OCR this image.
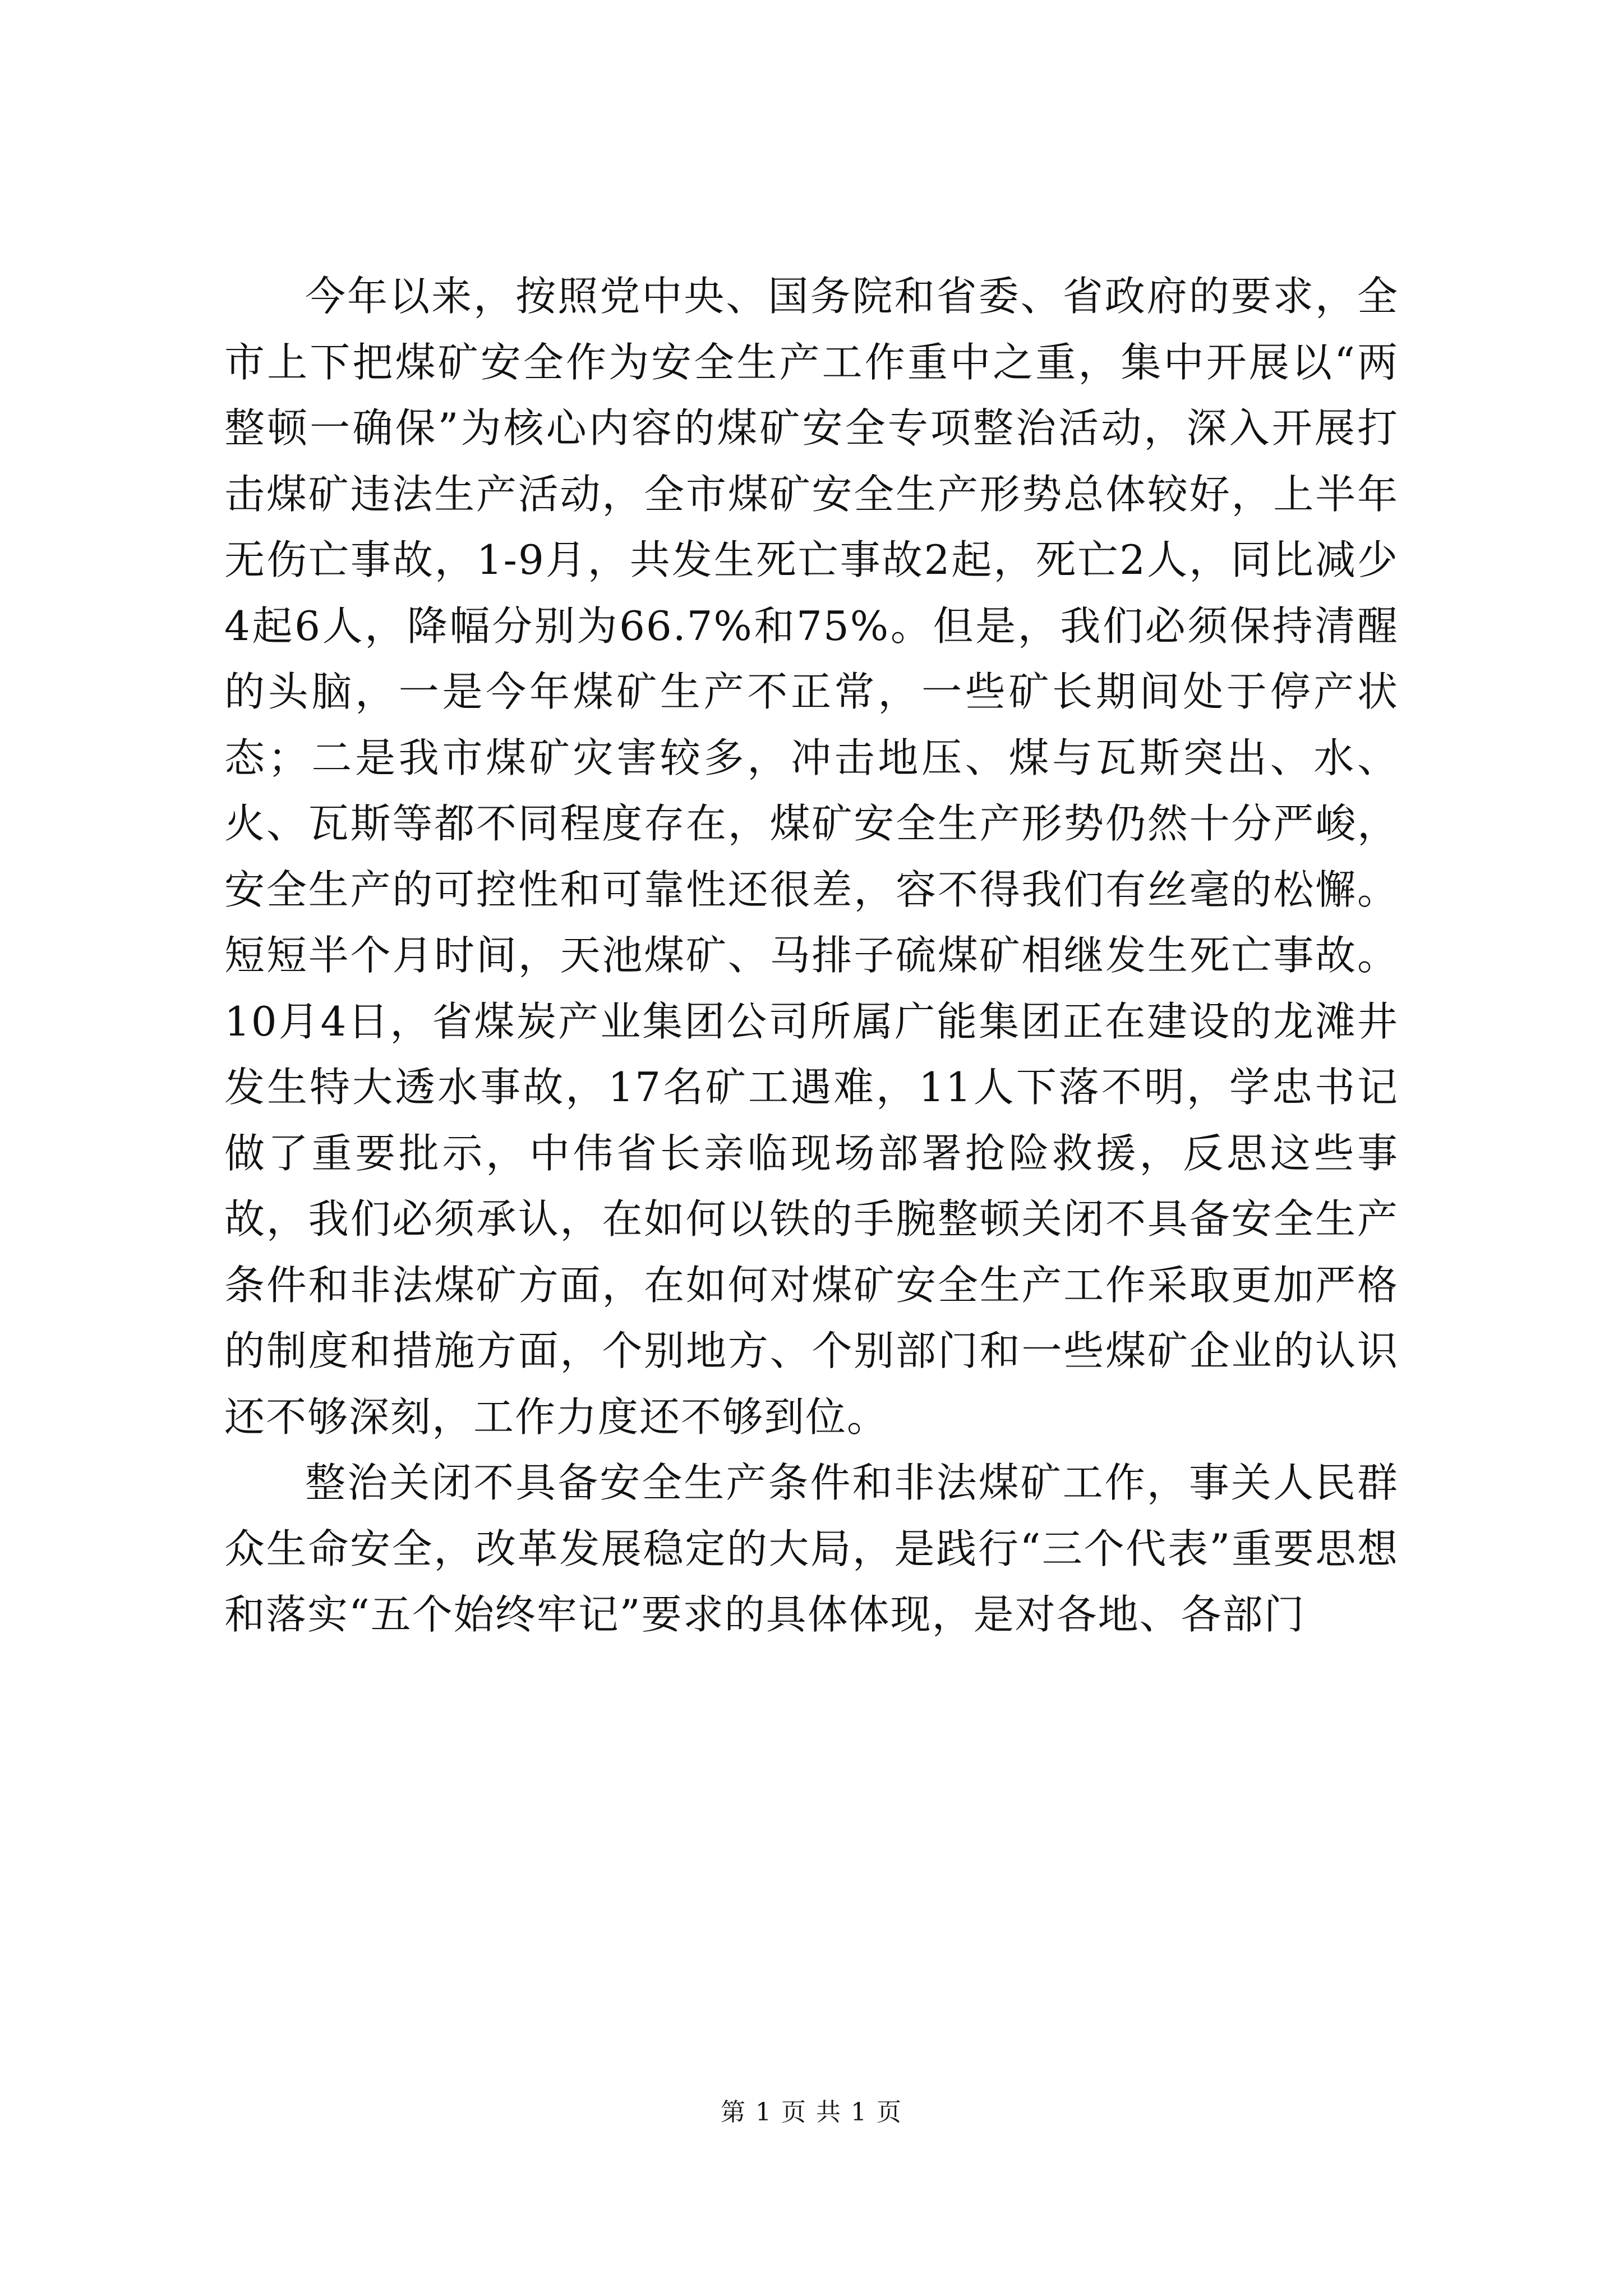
今年以来，按照党中央、国务院和省委、省政府的要求，全市上下把煤矿安全作为安全生产工作重中之重，集中开展以“两整顿一确保”为核心内容的煤矿安全专项整治活动，深入开展打击煤矿违法生产活动，全市煤矿安全生产形势总体较好，上半年无伤亡事故，1-9月，共发生死亡事故2起，死亡2人，同比减少4起6人，降幅分别为66.7%和75%。但是，我们必须保持清醒的头脑，一是今年煤矿生产不正常，一些矿长期间处于停产状态；二是我市煤矿灾害较多，冲击地压、煤与瓦斯突出、水、火、瓦斯等都不同程度存在，煤矿安全生产形势仍然十分严峻，安全生产的可控性和可靠性还很差，容不得我们有丝毫的松懈。短短半个月时间，天池煤矿、马排子硫煤矿相继发生死亡事故。10月4日，省煤炭产业集团公司所属广能集团正在建设的龙滩井发生特大透水事故，17名矿工遇难，11人下落不明，学忠书记做了重要批示，中伟省长亲临现场部署抢险救援，反思这些事故，我们必须承认，在如何以铁的手腕整顿关闭不具备安全生产条件和非法煤矿方面，在如何对煤矿安全生产工作采取更加严格的制度和措施方面，个别地方、个别部门和一些煤矿企业的认识还不够深刻，工作力度还不够到位。

整治关闭不具备安全生产条件和非法煤矿工作，事关人民群众生命安全，改革发展稳定的大局，是践行“三个代表”重要思想和落实“五个始终牢记”要求的具体体现，是对各地、各部门

第 1 页 共 1 页
